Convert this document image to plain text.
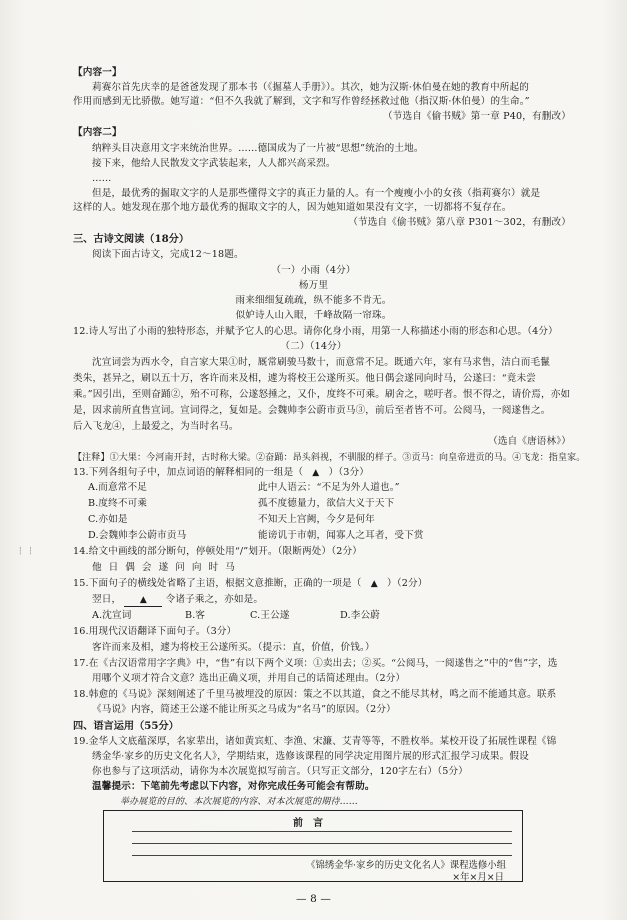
【内容一】
莉赛尔首先庆幸的是爸爸发现了那本书（《掘墓人手册》）。其次，她为汉斯·休伯曼在她的教育中所起的
作用而感到无比骄傲。她写道：“但不久我就了解到，文字和写作曾经拯救过他（指汉斯·休伯曼）的生命。”
（节选自《偷书贼》第一章 P40，有删改）
【内容二】
纳粹头目决意用文字来统治世界。……德国成为了一片被“思想”统治的土地。
接下来，他给人民散发文字武装起来，人人都兴高采烈。
……
但是，最优秀的掘取文字的人是那些懂得文字的真正力量的人。有一个瘦瘦小小的女孩（指莉赛尔）就是
这样的人。她发现在那个地方最优秀的掘取文字的人，因为她知道如果没有文字，一切都将不复存在。
（节选自《偷书贼》第八章 P301～302，有删改）
三、古诗文阅读（18分）
阅读下面古诗文，完成12～18题。
（一）小雨（4分）
杨万里
雨来细细复疏疏，纵不能多不肯无。
似妒诗人山入眼，千峰故隔一帘珠。
12.诗人写出了小雨的独特形态，并赋予它人的心思。请你化身小雨，用第一人称描述小雨的形态和心思。（4分）
（二）（14分）
沈宣词尝为西水令，自言家大果①时，厩常刷骏马数十，而意常不足。既通六年，家有马求售，洁白而毛鬣
类朱，甚异之，刷以五十万，客许而来及相，遽为将校王公遂所买。他日偶会遂同向时马，公遂曰：“竟未尝
乘。”因引出，至则奋踊②，殆不可称，公遂怒捶之，又仆，度终不可乘。刷舍之，嗟吁者。恨不得之，请价焉，亦如
是，因求前所直售宣词。宣词得之，复如是。会魏帅李公蔚市贡马③，前后至者皆不可。公阅马，一阅遂售之。
后入飞龙④，上最爱之，为当时名马。
（选自《唐语林》）
【注释】①大果：今河南开封，古时称大梁。②奋踊：昂头斜视，不驯服的样子。③贡马：向皇帝进贡的马。④飞龙：指皇家。
13.下列各组句子中，加点词语的解释相同的一组是（ ▲ ）（3分）
A.而意常不足	此中人语云：“不足为外人道也。”
B.度终不可乘	孤不度德量力，欲信大义于天下
C.亦如是	不知天上宫阙，今夕是何年
D.会魏帅李公蔚市贡马	能谤讥于市朝，闻寡人之耳者，受下赏
14.给文中画线的部分断句，停顿处用“/”划开。（限断两处）（2分）
他 日 偶 会 遂 问 向 时 马
┆ ┆
15.下面句子的横线处省略了主语，根据文意推断，正确的一项是（ ▲ ）（2分）
翌日， ▲ 令诸子乘之，亦如是。
A.沈宣词	B.客	C.王公遂	D.李公蔚
16.用现代汉语翻译下面句子。（3分）
客许而来及相，遽为将校王公遂所买。（提示：直，价值，价钱。）
17.在《古汉语常用字字典》中，“售”有以下两个义项：①卖出去；②买。“公阅马，一阅遂售之”中的“售”字，选
用哪个义项才符合文意？选出正确义项，并用自己的话简述理由。（2分）
18.韩愈的《马说》深刻阐述了千里马被埋没的原因：策之不以其道，食之不能尽其材，鸣之而不能通其意。联系
《马说》内容，简述王公遂不能让所买之马成为“名马”的原因。（2分）
四、语言运用（55分）
19.金华人文底蕴深厚，名家辈出，诸如黄宾虹、李渔、宋濂、艾青等等，不胜枚举。某校开设了拓展性课程《锦
绣金华·家乡的历史文化名人》，学期结束，选修该课程的同学决定用图片展的形式汇报学习成果。假设
你也参与了这项活动，请你为本次展览拟写前言。（只写正文部分，120字左右）（5分）
温馨提示：下笔前先考虑以下内容，对你完成任务可能会有帮助。
举办展览的目的、本次展览的内容、对本次展览的期待……
前言
《锦绣金华·家乡的历史文化名人》课程选修小组
×年×月×日
— 8 —
